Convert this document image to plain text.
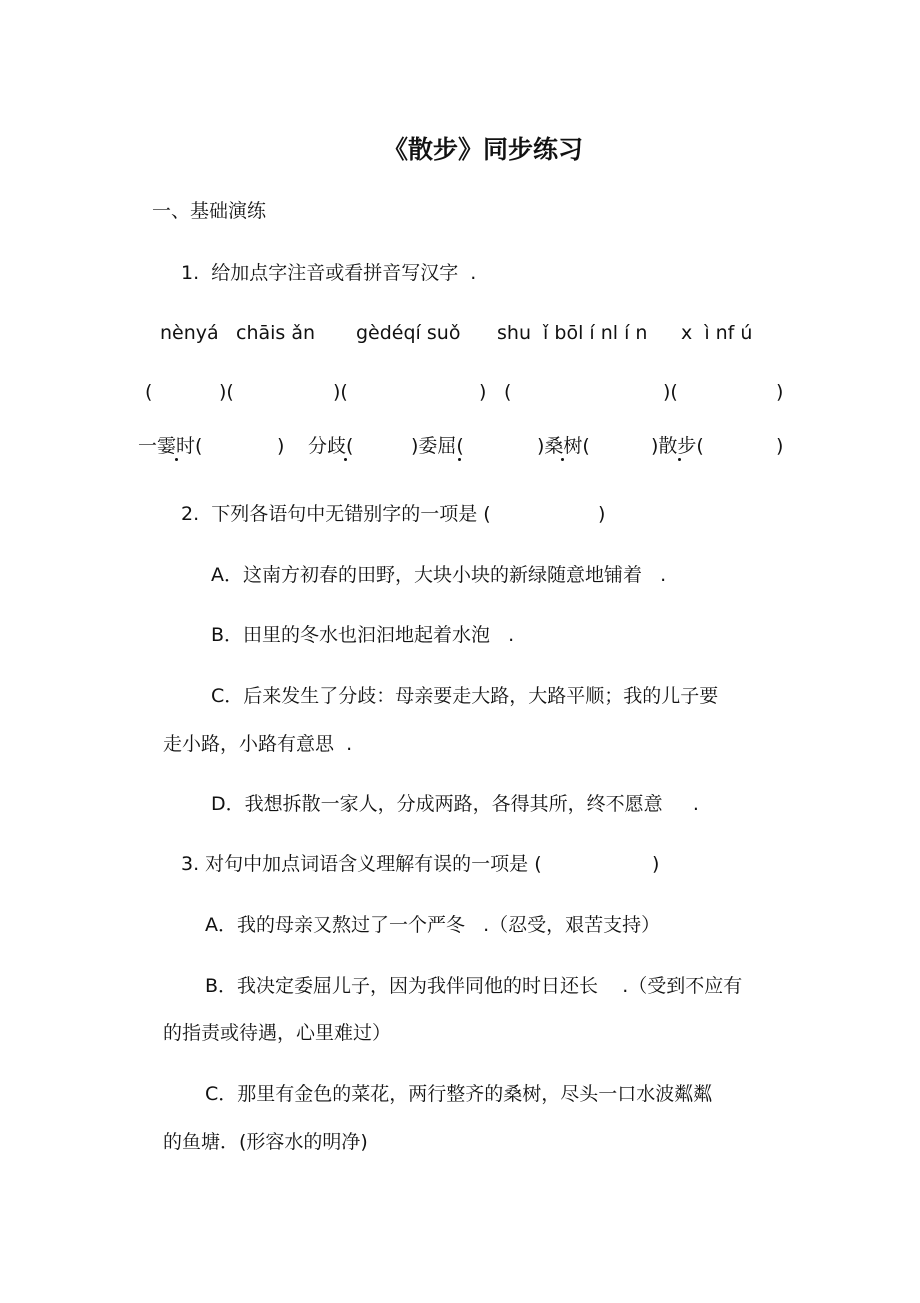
《散步》同步练习
一、基础演练
1.  给加点字注音或看拼音写汉字  .
nènyá chāis ǎn gèdéqí suǒ shu  ǐ bōl í nl í n x  ì nf ú
(	)(	)(	) (	)(	)
一霎时(	) 分歧(	)委屈(	)桑树(	)散步(	)
2.  下列各语句中无错别字的一项是 (	)
A．这南方初春的田野，大块小块的新绿随意地铺着   .
B．田里的冬水也汩汩地起着水泡   .
C．后来发生了分歧：母亲要走大路，大路平顺；我的儿子要
走小路，小路有意思  .
D．我想拆散一家人，分成两路，各得其所，终不愿意     .
3. 对句中加点词语含义理解有误的一项是 (	)
A．我的母亲又熬过了一个严冬   .（忍受，艰苦支持）
B．我决定委屈儿子，因为我伴同他的时日还长    .（受到不应有
的指责或待遇，心里难过）
C．那里有金色的菜花，两行整齐的桑树，尽头一口水波粼粼
的鱼塘．(形容水的明净)
